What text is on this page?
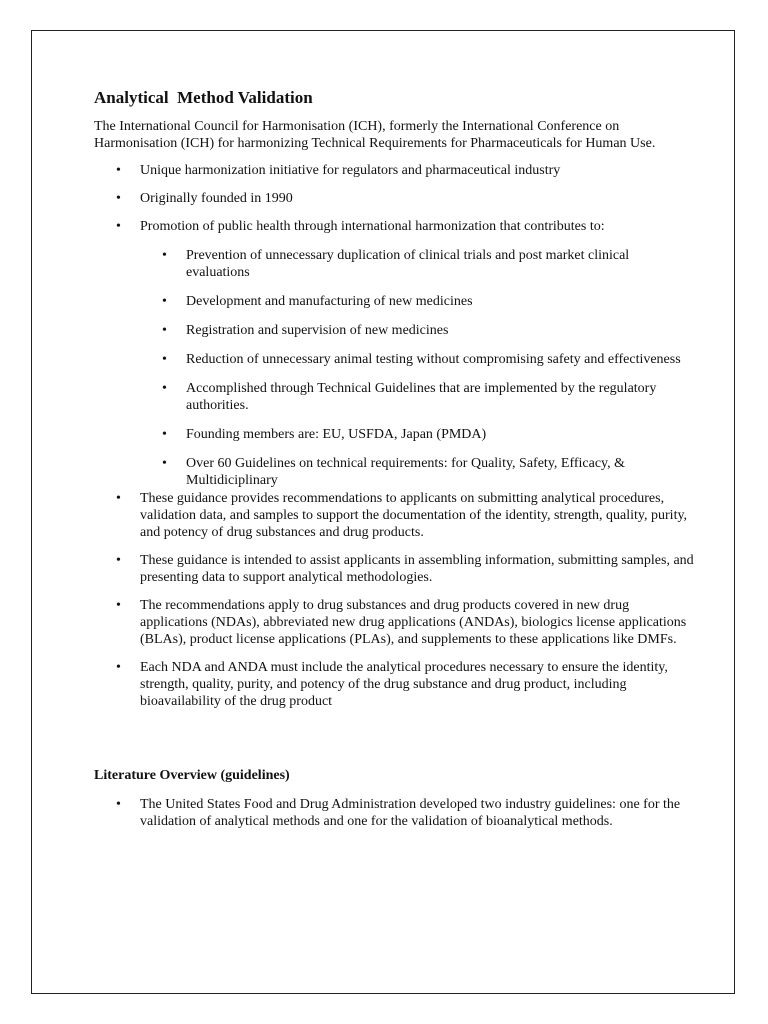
Analytical  Method Validation

The International Council for Harmonisation (ICH), formerly the International Conference on Harmonisation (ICH) for harmonizing Technical Requirements for Pharmaceuticals for Human Use.

• Unique harmonization initiative for regulators and pharmaceutical industry
• Originally founded in 1990
• Promotion of public health through international harmonization that contributes to:
• Prevention of unnecessary duplication of clinical trials and post market clinical evaluations
• Development and manufacturing of new medicines
• Registration and supervision of new medicines
• Reduction of unnecessary animal testing without compromising safety and effectiveness
• Accomplished through Technical Guidelines that are implemented by the regulatory authorities.
• Founding members are: EU, USFDA, Japan (PMDA)
• Over 60 Guidelines on technical requirements: for Quality, Safety, Efficacy, & Multidiciplinary
• These guidance provides recommendations to applicants on submitting analytical procedures, validation data, and samples to support the documentation of the identity, strength, quality, purity, and potency of drug substances and drug products.
• These guidance is intended to assist applicants in assembling information, submitting samples, and presenting data to support analytical methodologies.
• The recommendations apply to drug substances and drug products covered in new drug applications (NDAs), abbreviated new drug applications (ANDAs), biologics license applications (BLAs), product license applications (PLAs), and supplements to these applications like DMFs.
• Each NDA and ANDA must include the analytical procedures necessary to ensure the identity, strength, quality, purity, and potency of the drug substance and drug product, including bioavailability of the drug product
Literature Overview (guidelines)
• The United States Food and Drug Administration developed two industry guidelines: one for the validation of analytical methods and one for the validation of bioanalytical methods.
